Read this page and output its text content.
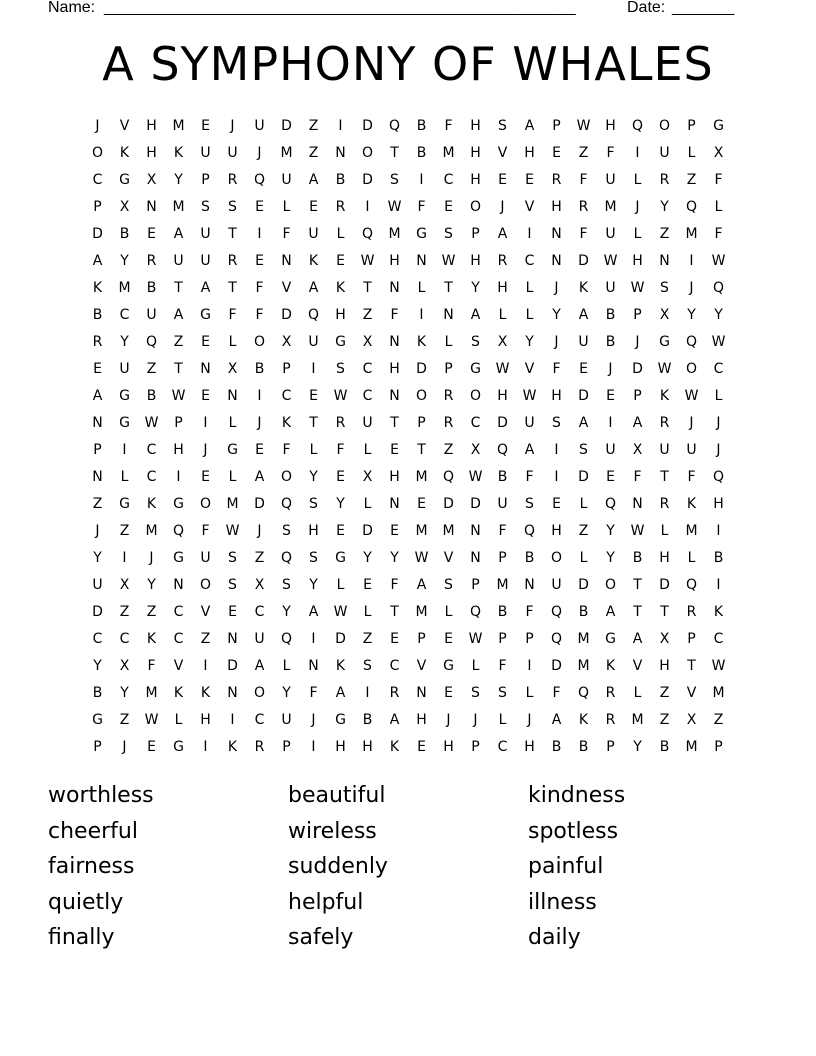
Name: _____________________________________________________	Date: _______
A SYMPHONY OF WHALES
J	V	H	M	E	J	U	D	Z	I	D	Q	B	F	H	S	A	P	W	H	Q	O	P	G
O	K	H	K	U	U	J	M	Z	N	O	T	B	M	H	V	H	E	Z	F	I	U	L	X
C	G	X	Y	P	R	Q	U	A	B	D	S	I	C	H	E	E	R	F	U	L	R	Z	F
P	X	N	M	S	S	E	L	E	R	I	W	F	E	O	J	V	H	R	M	J	Y	Q	L
D	B	E	A	U	T	I	F	U	L	Q	M	G	S	P	A	I	N	F	U	L	Z	M	F
A	Y	R	U	U	R	E	N	K	E	W	H	N	W	H	R	C	N	D	W	H	N	I	W
K	M	B	T	A	T	F	V	A	K	T	N	L	T	Y	H	L	J	K	U	W	S	J	Q
B	C	U	A	G	F	F	D	Q	H	Z	F	I	N	A	L	L	Y	A	B	P	X	Y	Y
R	Y	Q	Z	E	L	O	X	U	G	X	N	K	L	S	X	Y	J	U	B	J	G	Q	W
E	U	Z	T	N	X	B	P	I	S	C	H	D	P	G	W	V	F	E	J	D	W	O	C
A	G	B	W	E	N	I	C	E	W	C	N	O	R	O	H	W	H	D	E	P	K	W	L
N	G	W	P	I	L	J	K	T	R	U	T	P	R	C	D	U	S	A	I	A	R	J	J
P	I	C	H	J	G	E	F	L	F	L	E	T	Z	X	Q	A	I	S	U	X	U	U	J
N	L	C	I	E	L	A	O	Y	E	X	H	M	Q	W	B	F	I	D	E	F	T	F	Q
Z	G	K	G	O	M	D	Q	S	Y	L	N	E	D	D	U	S	E	L	Q	N	R	K	H
J	Z	M	Q	F	W	J	S	H	E	D	E	M	M	N	F	Q	H	Z	Y	W	L	M	I
Y	I	J	G	U	S	Z	Q	S	G	Y	Y	W	V	N	P	B	O	L	Y	B	H	L	B
U	X	Y	N	O	S	X	S	Y	L	E	F	A	S	P	M	N	U	D	O	T	D	Q	I
D	Z	Z	C	V	E	C	Y	A	W	L	T	M	L	Q	B	F	Q	B	A	T	T	R	K
C	C	K	C	Z	N	U	Q	I	D	Z	E	P	E	W	P	P	Q	M	G	A	X	P	C
Y	X	F	V	I	D	A	L	N	K	S	C	V	G	L	F	I	D	M	K	V	H	T	W
B	Y	M	K	K	N	O	Y	F	A	I	R	N	E	S	S	L	F	Q	R	L	Z	V	M
G	Z	W	L	H	I	C	U	J	G	B	A	H	J	J	L	J	A	K	R	M	Z	X	Z
P	J	E	G	I	K	R	P	I	H	H	K	E	H	P	C	H	B	B	P	Y	B	M	P
worthless	beautiful	kindness
cheerful	wireless	spotless
fairness	suddenly	painful
quietly	helpful	illness
finally	safely	daily
